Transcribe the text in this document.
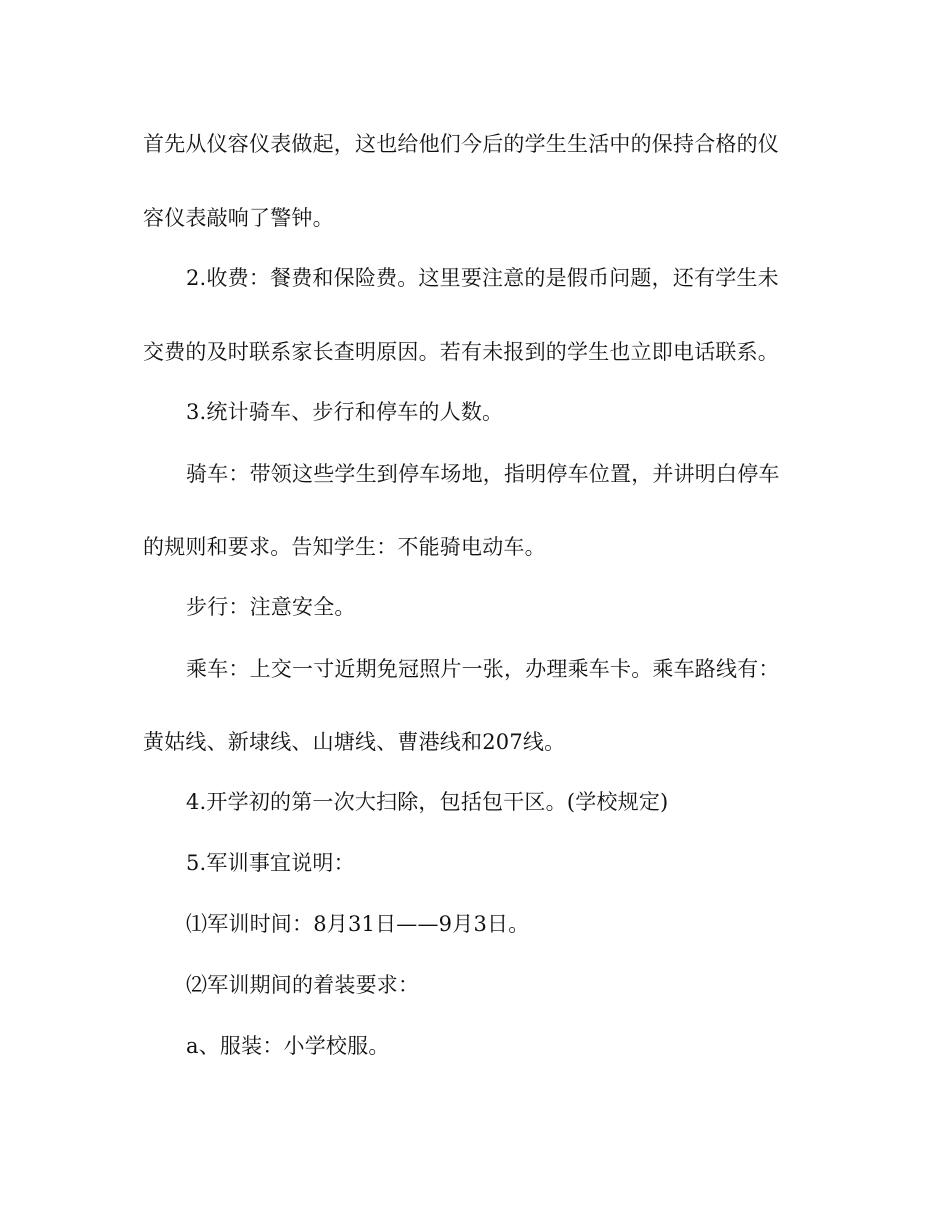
首先从仪容仪表做起，这也给他们今后的学生生活中的保持合格的仪
容仪表敲响了警钟。
2.收费：餐费和保险费。这里要注意的是假币问题，还有学生未
交费的及时联系家长查明原因。若有未报到的学生也立即电话联系。
3.统计骑车、步行和停车的人数。
骑车：带领这些学生到停车场地，指明停车位置，并讲明白停车
的规则和要求。告知学生：不能骑电动车。
步行：注意安全。
乘车：上交一寸近期免冠照片一张，办理乘车卡。乘车路线有：
黄姑线、新埭线、山塘线、曹港线和207线。
4.开学初的第一次大扫除，包括包干区。(学校规定)
5.军训事宜说明：
⑴军训时间：8月31日——9月3日。
⑵军训期间的着装要求：
a、服装：小学校服。
